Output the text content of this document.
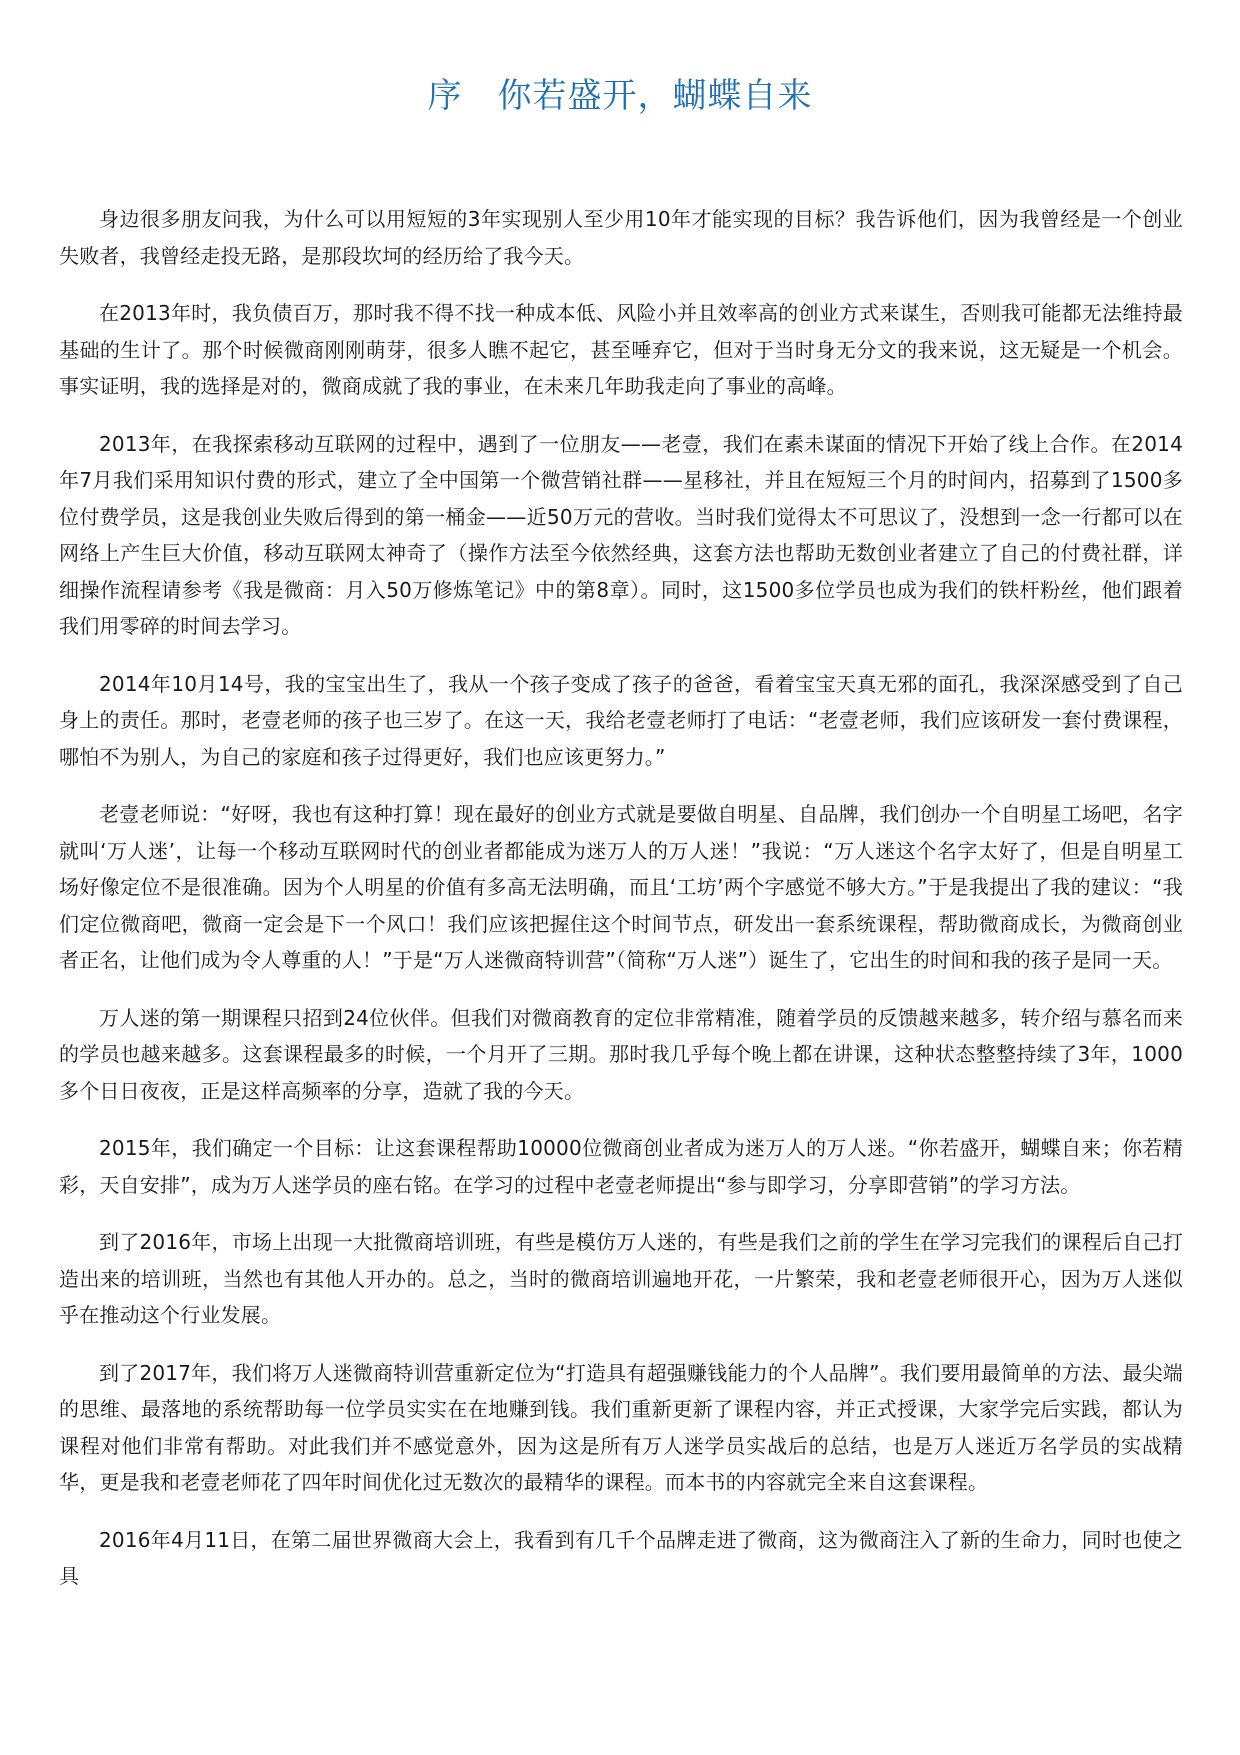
序　你若盛开，蝴蝶自来

身边很多朋友问我，为什么可以用短短的3年实现别人至少用10年才能实现的目标？我告诉他们，因为我曾经是一个创业失败者，我曾经走投无路，是那段坎坷的经历给了我今天。

在2013年时，我负债百万，那时我不得不找一种成本低、风险小并且效率高的创业方式来谋生，否则我可能都无法维持最基础的生计了。那个时候微商刚刚萌芽，很多人瞧不起它，甚至唾弃它，但对于当时身无分文的我来说，这无疑是一个机会。事实证明，我的选择是对的，微商成就了我的事业，在未来几年助我走向了事业的高峰。

2013年，在我探索移动互联网的过程中，遇到了一位朋友——老壹，我们在素未谋面的情况下开始了线上合作。在2014年7月我们采用知识付费的形式，建立了全中国第一个微营销社群——星移社，并且在短短三个月的时间内，招募到了1500多位付费学员，这是我创业失败后得到的第一桶金——近50万元的营收。当时我们觉得太不可思议了，没想到一念一行都可以在网络上产生巨大价值，移动互联网太神奇了（操作方法至今依然经典，这套方法也帮助无数创业者建立了自己的付费社群，详细操作流程请参考《我是微商：月入50万修炼笔记》中的第8章）。同时，这1500多位学员也成为我们的铁杆粉丝，他们跟着我们用零碎的时间去学习。

2014年10月14号，我的宝宝出生了，我从一个孩子变成了孩子的爸爸，看着宝宝天真无邪的面孔，我深深感受到了自己身上的责任。那时，老壹老师的孩子也三岁了。在这一天，我给老壹老师打了电话：“老壹老师，我们应该研发一套付费课程，哪怕不为别人，为自己的家庭和孩子过得更好，我们也应该更努力。”

老壹老师说：“好呀，我也有这种打算！现在最好的创业方式就是要做自明星、自品牌，我们创办一个自明星工场吧，名字就叫‘万人迷’，让每一个移动互联网时代的创业者都能成为迷万人的万人迷！”我说：“万人迷这个名字太好了，但是自明星工场好像定位不是很准确。因为个人明星的价值有多高无法明确，而且‘工坊’两个字感觉不够大方。”于是我提出了我的建议：“我们定位微商吧，微商一定会是下一个风口！我们应该把握住这个时间节点，研发出一套系统课程，帮助微商成长，为微商创业者正名，让他们成为令人尊重的人！”于是“万人迷微商特训营”（简称“万人迷”）诞生了，它出生的时间和我的孩子是同一天。

万人迷的第一期课程只招到24位伙伴。但我们对微商教育的定位非常精准，随着学员的反馈越来越多，转介绍与慕名而来的学员也越来越多。这套课程最多的时候，一个月开了三期。那时我几乎每个晚上都在讲课，这种状态整整持续了3年，1000多个日日夜夜，正是这样高频率的分享，造就了我的今天。

2015年，我们确定一个目标：让这套课程帮助10000位微商创业者成为迷万人的万人迷。“你若盛开，蝴蝶自来；你若精彩，天自安排”，成为万人迷学员的座右铭。在学习的过程中老壹老师提出“参与即学习，分享即营销”的学习方法。

到了2016年，市场上出现一大批微商培训班，有些是模仿万人迷的，有些是我们之前的学生在学习完我们的课程后自己打造出来的培训班，当然也有其他人开办的。总之，当时的微商培训遍地开花，一片繁荣，我和老壹老师很开心，因为万人迷似乎在推动这个行业发展。

到了2017年，我们将万人迷微商特训营重新定位为“打造具有超强赚钱能力的个人品牌”。我们要用最简单的方法、最尖端的思维、最落地的系统帮助每一位学员实实在在地赚到钱。我们重新更新了课程内容，并正式授课，大家学完后实践，都认为课程对他们非常有帮助。对此我们并不感觉意外，因为这是所有万人迷学员实战后的总结，也是万人迷近万名学员的实战精华，更是我和老壹老师花了四年时间优化过无数次的最精华的课程。而本书的内容就完全来自这套课程。

2016年4月11日，在第二届世界微商大会上，我看到有几千个品牌走进了微商，这为微商注入了新的生命力，同时也使之具
